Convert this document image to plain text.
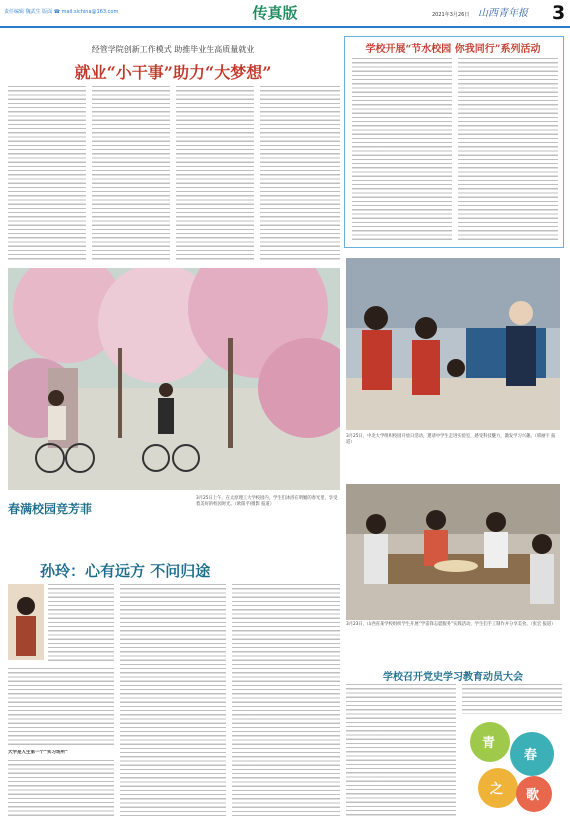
责任编辑 魏武生 版面 ☎ mail:sichina@163.com	传真版	2021年3月26日 山西青年报 3
经管学院创新工作模式 助推毕业生高质量就业
就业“小干事”助力“大梦想”
春满校园竞芳菲
3月25日上午，在太原理工大学校园内，学生们沐浴在明媚的春光里，享受着美好的校园时光。（欧阳平/摄影 报道）
学校开展“节水校园 你我同行”系列活动
3月25日，中北大学组织校园开放日活动，邀请中学生走进实验室，感受科技魅力，激发学习兴趣。（邢丽宇 报道）
孙玲：心有远方 不问归途
大学是人生第一个“实习场所”
3月23日，山西省某学校组织学生开展“学雷锋志愿服务”实践活动，学生们手工制作并分享美食。（张宏 报道）
学校召开党史学习教育动员大会
青
春
之 歌
